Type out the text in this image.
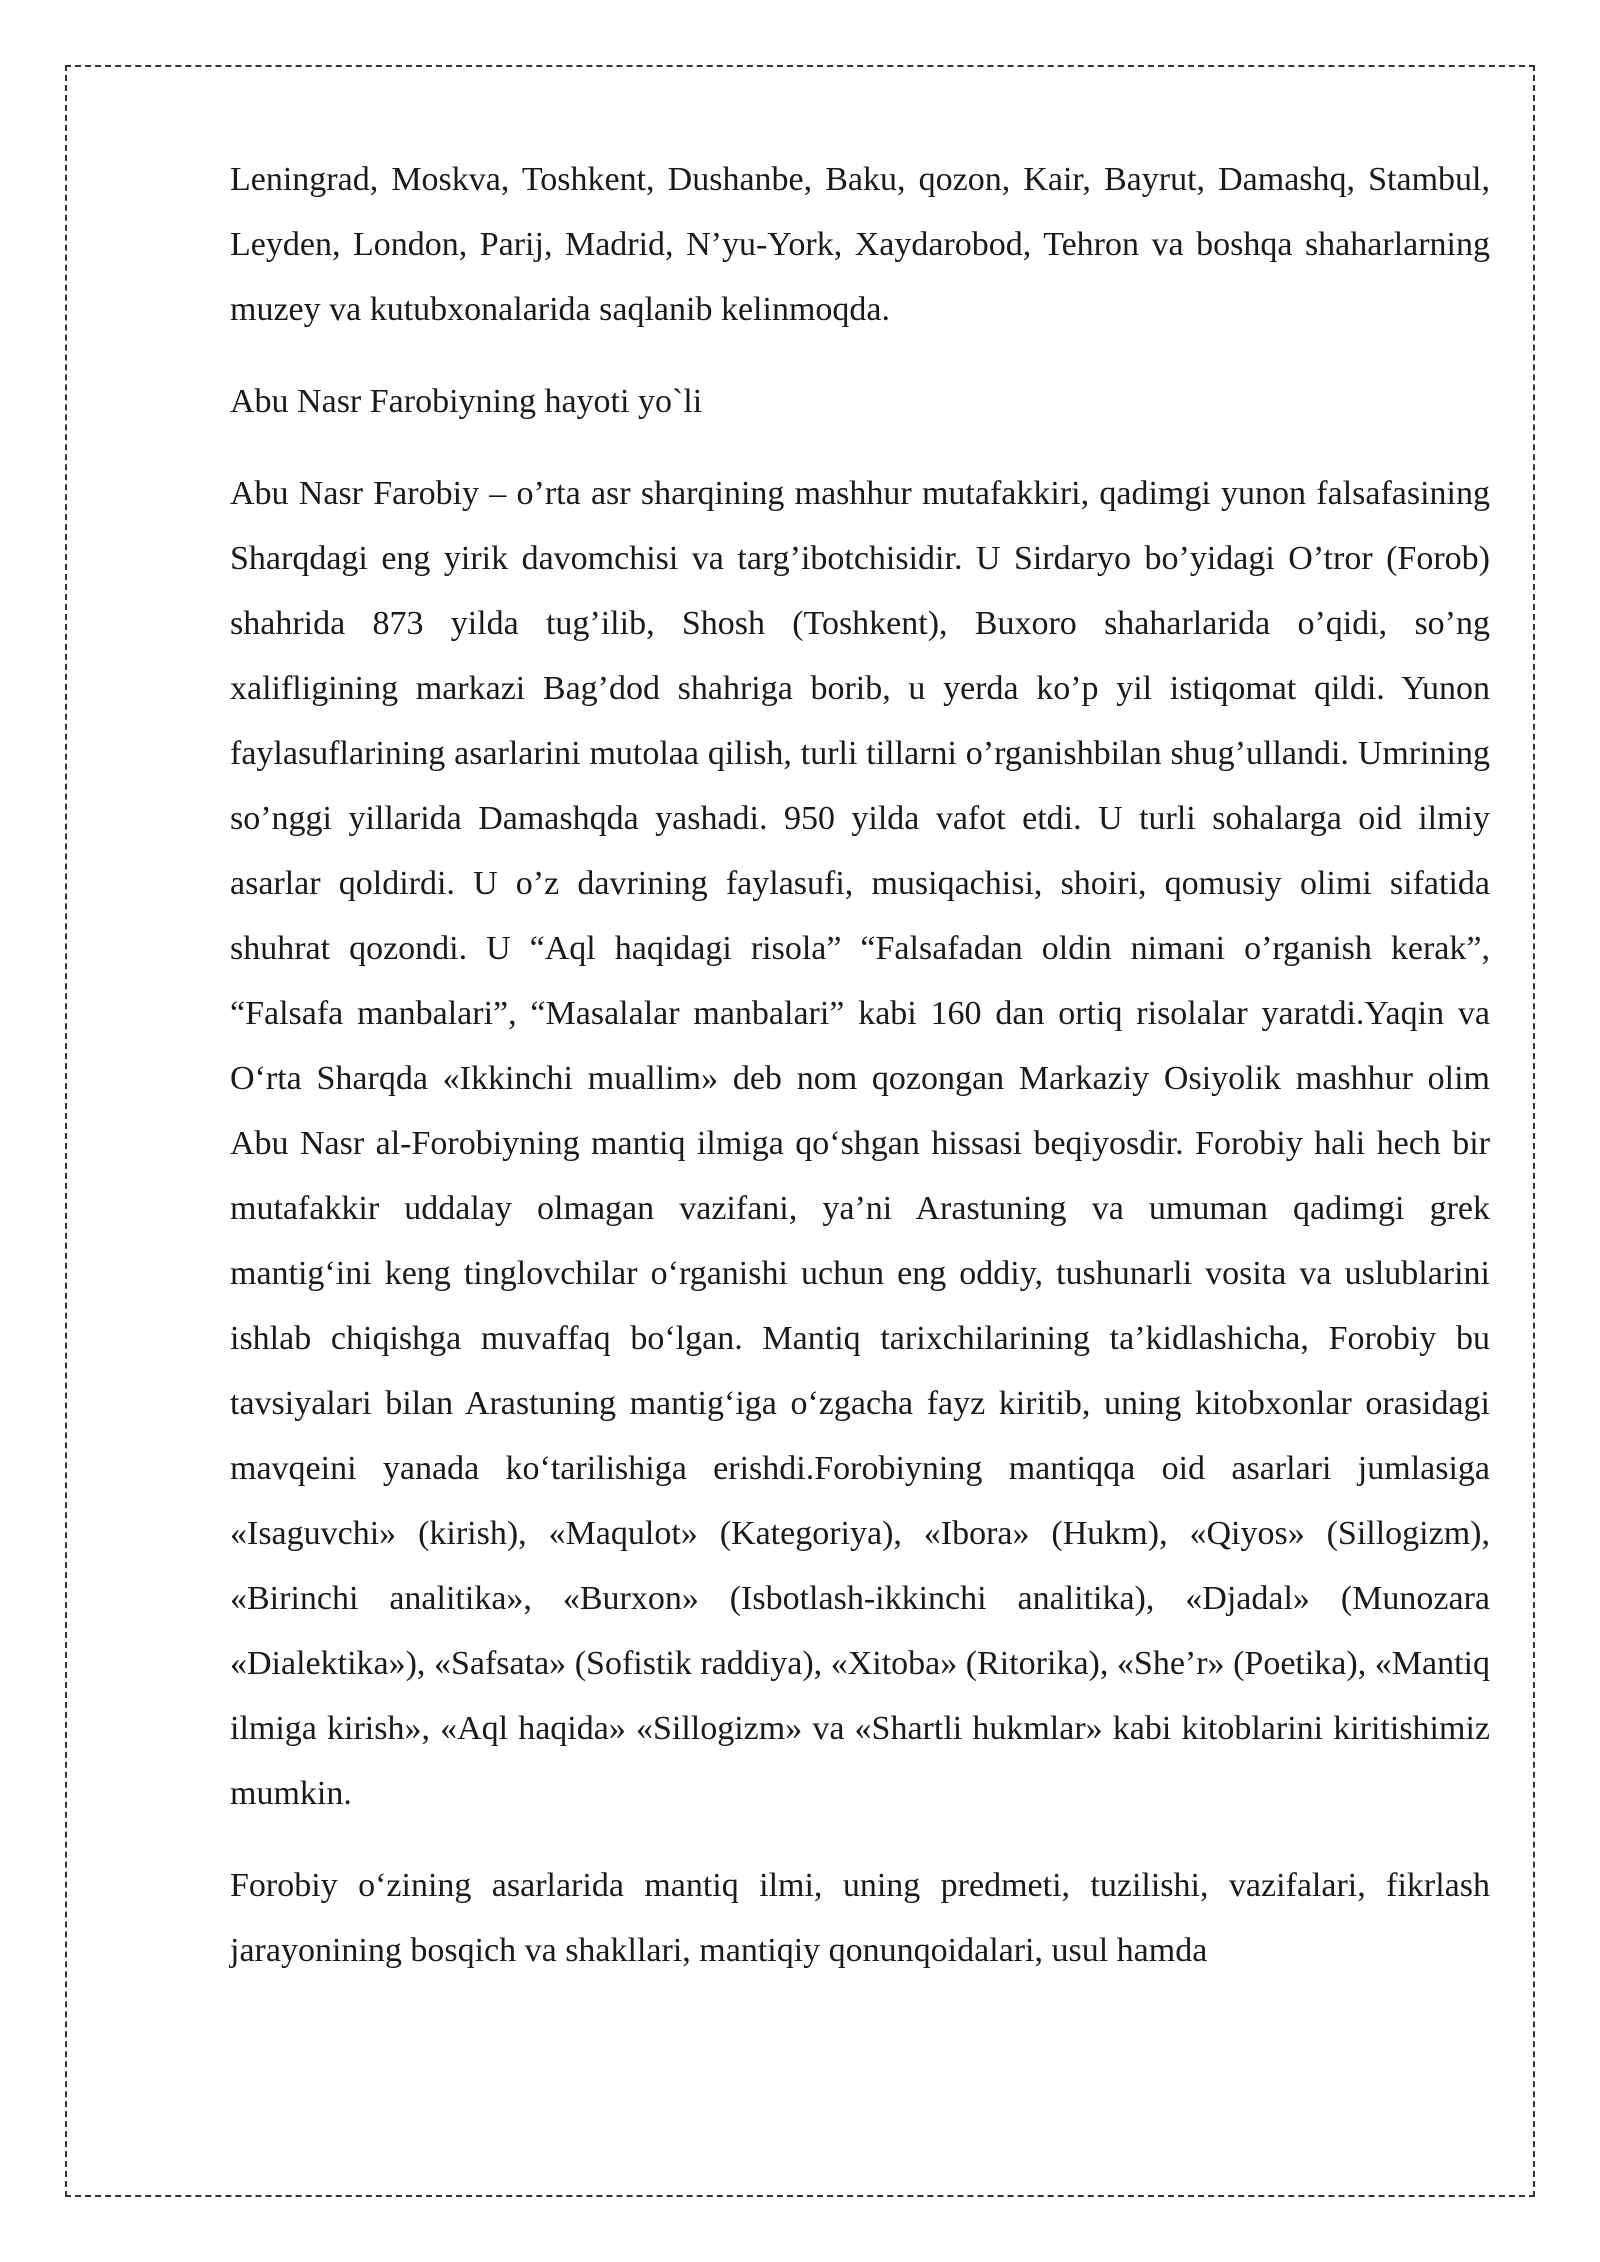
Leningrad, Moskva, Toshkent, Dushanbe, Baku, qozon, Kair, Bayrut, Damashq, Stambul, Leyden, London, Parij, Madrid, N’yu-York, Xaydarobod, Tehron va boshqa shaharlarning muzey va kutubxonalarida saqlanib kelinmoqda.

Abu Nasr Farobiyning hayoti yo`li

Abu Nasr Farobiy – o’rta asr sharqining mashhur mutafakkiri, qadimgi yunon falsafasining Sharqdagi eng yirik davomchisi va targ’ibotchisidir. U Sirdaryo bo’yidagi O’tror (Forob) shahrida 873 yilda tug’ilib, Shosh (Toshkent), Buxoro shaharlarida o’qidi, so’ng xalifligining markazi Bag’dod shahriga borib, u yerda ko’p yil istiqomat qildi. Yunon faylasuflarining asarlarini mutolaa qilish, turli tillarni o’rganishbilan shug’ullandi. Umrining so’nggi yillarida Damashqda yashadi. 950 yilda vafot etdi. U turli sohalarga oid ilmiy asarlar qoldirdi. U o’z davrining faylasufi, musiqachisi, shoiri, qomusiy olimi sifatida shuhrat qozondi. U “Aql haqidagi risola” “Falsafadan oldin nimani o’rganish kerak”, “Falsafa manbalari”, “Masalalar manbalari” kabi 160 dan ortiq risolalar yaratdi.Yaqin va O‘rta Sharqda «Ikkinchi muallim» deb nom qozongan Markaziy Osiyolik mashhur olim Abu Nasr al-Forobiyning mantiq ilmiga qo‘shgan hissasi beqiyosdir. Forobiy hali hech bir mutafakkir uddalay olmagan vazifani, ya’ni Arastuning va umuman qadimgi grek mantig‘ini keng tinglovchilar o‘rganishi uchun eng oddiy, tushunarli vosita va uslublarini ishlab chiqishga muvaffaq bo‘lgan. Mantiq tarixchilarining ta’kidlashicha, Forobiy bu tavsiyalari bilan Arastuning mantig‘iga o‘zgacha fayz kiritib, uning kitobxonlar orasidagi mavqeini yanada ko‘tarilishiga erishdi.Forobiyning mantiqqa oid asarlari jumlasiga «Isaguvchi» (kirish), «Maqulot» (Kategoriya), «Ibora» (Hukm), «Qiyos» (Sillogizm), «Birinchi analitika», «Burxon» (Isbotlash-ikkinchi analitika), «Djadal» (Munozara «Dialektika»), «Safsata» (Sofistik raddiya), «Xitoba» (Ritorika), «She’r» (Poetika), «Mantiq ilmiga kirish», «Aql haqida» «Sillogizm» va «Shartli hukmlar» kabi kitoblarini kiritishimiz mumkin.

Forobiy o‘zining asarlarida mantiq ilmi, uning predmeti, tuzilishi, vazifalari, fikrlash jarayonining bosqich va shakllari, mantiqiy qonunqoidalari, usul hamda
